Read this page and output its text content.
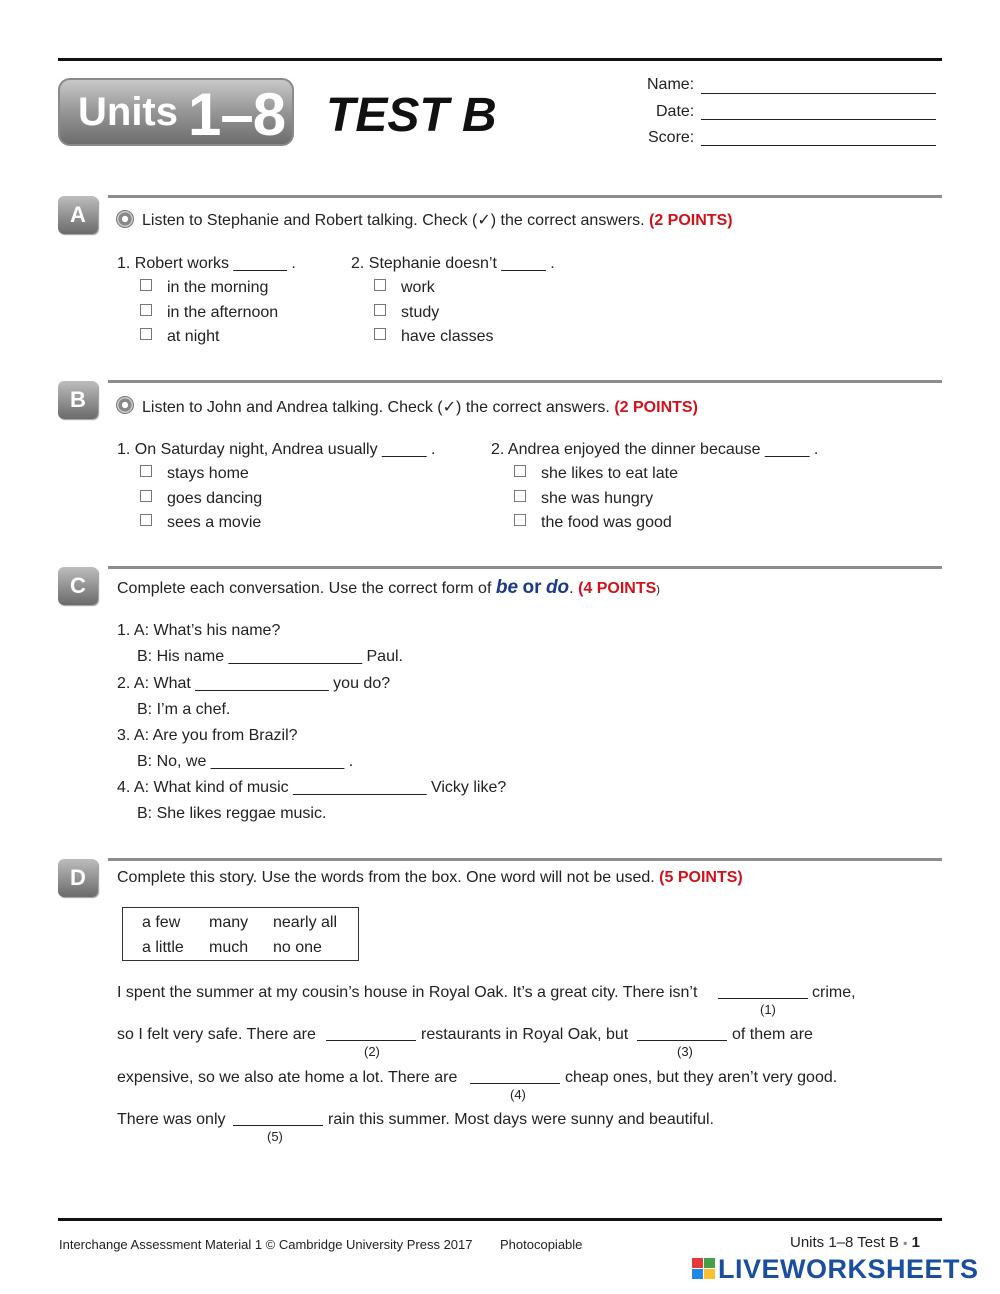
Units 1–8 TEST B
Name:
Date:
Score:
A	Listen to Stephanie and Robert talking. Check (✓) the correct answers. (2 POINTS)
1. Robert works ______ .
in the morning
in the afternoon
at night
2. Stephanie doesn’t _____ .
work
study
have classes
B	Listen to John and Andrea talking. Check (✓) the correct answers. (2 POINTS)
1. On Saturday night, Andrea usually _____ .
stays home
goes dancing
sees a movie
2. Andrea enjoyed the dinner because _____ .
she likes to eat late
she was hungry
the food was good
C	Complete each conversation. Use the correct form of be or do. (4 POINTS)
1. A: What’s his name?
B: His name _______________ Paul.
2. A: What _______________ you do?
B: I’m a chef.
3. A: Are you from Brazil?
B: No, we _______________ .
4. A: What kind of music _______________ Vicky like?
B: She likes reggae music.
D	Complete this story. Use the words from the box. One word will not be used. (5 POINTS)
a few many nearly all
a little much no one
I spent the summer at my cousin’s house in Royal Oak. It’s a great city. There isn’t	crime,
(1)
so I felt very safe. There are	restaurants in Royal Oak, but	of them are
(2)	(3)
expensive, so we also ate home a lot. There are	cheap ones, but they aren’t very good.
(4)
There was only	rain this summer. Most days were sunny and beautiful.
(5)
Interchange Assessment Material 1 © Cambridge University Press 2017 Photocopiable	Units 1–8 Test B ▪ 1
LIVEWORKSHEETS
